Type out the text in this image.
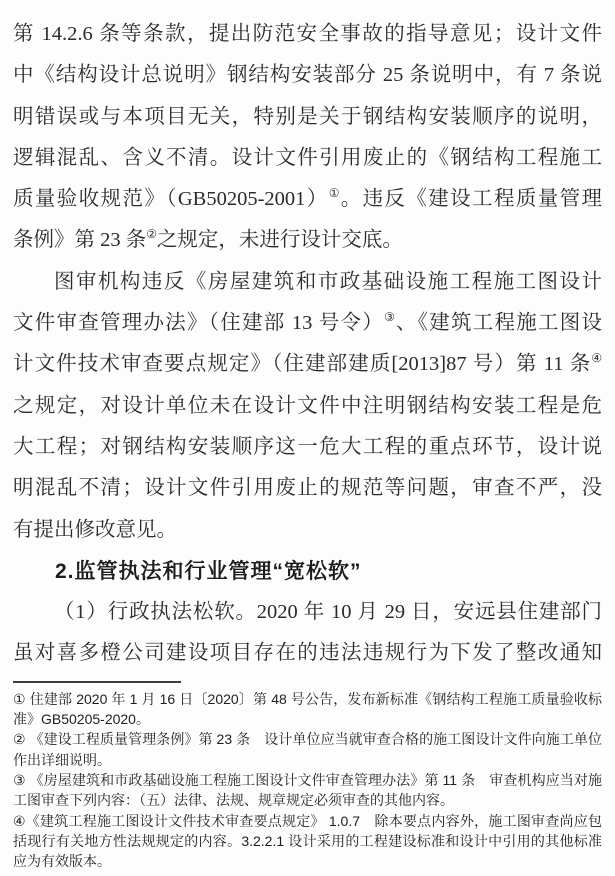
第 14.2.6 条等条款，提出防范安全事故的指导意见；设计文件
中《结构设计总说明》钢结构安装部分 25 条说明中，有 7 条说
明错误或与本项目无关，特别是关于钢结构安装顺序的说明，
逻辑混乱、含义不清。设计文件引用废止的《钢结构工程施工
质量验收规范》（GB50205-2001）①。违反《建设工程质量管理
条例》第 23 条②之规定，未进行设计交底。
图审机构违反《房屋建筑和市政基础设施工程施工图设计
文件审查管理办法》（住建部 13 号令）③、《建筑工程施工图设
计文件技术审查要点规定》（住建部建质[2013]87 号）第 11 条④
之规定，对设计单位未在设计文件中注明钢结构安装工程是危
大工程；对钢结构安装顺序这一危大工程的重点环节，设计说
明混乱不清；设计文件引用废止的规范等问题，审查不严，没
有提出修改意见。
2.监管执法和行业管理“宽松软”
（1）行政执法松软。2020 年 10 月 29 日，安远县住建部门
虽对喜多橙公司建设项目存在的违法违规行为下发了整改通知
① 住建部 2020 年 1 月 16 日〔2020〕第 48 号公告，发布新标准《钢结构工程施工质量验收标
准》GB50205-2020。
② 《建设工程质量管理条例》第 23 条　设计单位应当就审查合格的施工图设计文件向施工单位
作出详细说明。
③ 《房屋建筑和市政基础设施工程施工图设计文件审查管理办法》第 11 条　审查机构应当对施
工图审查下列内容：（五）法律、法规、规章规定必须审查的其他内容。
④《建筑工程施工图设计文件技术审查要点规定》 1.0.7　除本要点内容外，施工图审查尚应包
括现行有关地方性法规规定的内容。3.2.2.1 设计采用的工程建设标准和设计中引用的其他标准
应为有效版本。
